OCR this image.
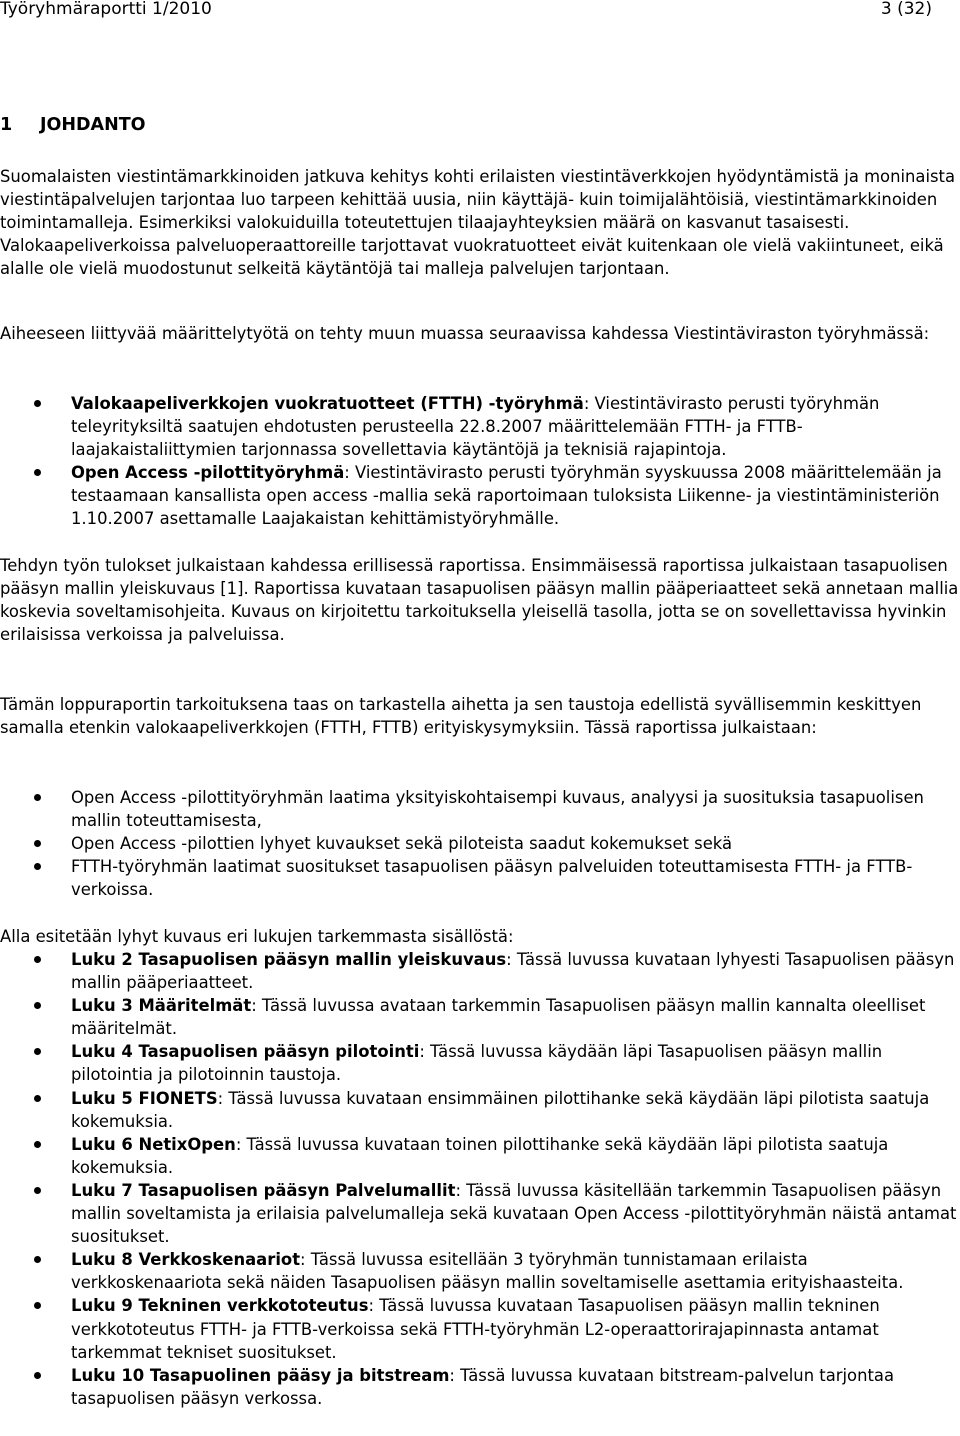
Työryhmäraportti 1/2010	3 (32)
1 JOHDANTO

Suomalaisten viestintämarkkinoiden jatkuva kehitys kohti erilaisten viestintäverkkojen hyödyntämistä ja moninaista viestintäpalvelujen tarjontaa luo tarpeen kehittää uusia, niin käyttäjä- kuin toimijalähtöisiä, viestintämarkkinoiden toimintamalleja. Esimerkiksi valokuiduilla toteutettujen tilaajayhteyksien määrä on kasvanut tasaisesti. Valokaapeliverkoissa palveluoperaattoreille tarjottavat vuokratuotteet eivät kuitenkaan ole vielä vakiintuneet, eikä alalle ole vielä muodostunut selkeitä käytäntöjä tai malleja palvelujen tarjontaan.

Aiheeseen liittyvää määrittelytyötä on tehty muun muassa seuraavissa kahdessa Viestintäviraston työryhmässä:

Valokaapeliverkkojen vuokratuotteet (FTTH) -työryhmä: Viestintävirasto perusti työryhmän teleyrityksiltä saatujen ehdotusten perusteella 22.8.2007 määrittelemään FTTH- ja FTTB-laajakaistaliittymien tarjonnassa sovellettavia käytäntöjä ja teknisiä rajapintoja.
Open Access -pilottityöryhmä: Viestintävirasto perusti työryhmän syyskuussa 2008 määrittelemään ja testaamaan kansallista open access -mallia sekä raportoimaan tuloksista Liikenne- ja viestintäministeriön 1.10.2007 asettamalle Laajakaistan kehittämistyöryhmälle.

Tehdyn työn tulokset julkaistaan kahdessa erillisessä raportissa. Ensimmäisessä raportissa julkaistaan tasapuolisen pääsyn mallin yleiskuvaus [1]. Raportissa kuvataan tasapuolisen pääsyn mallin pääperiaatteet sekä annetaan mallia koskevia soveltamisohjeita. Kuvaus on kirjoitettu tarkoituksella yleisellä tasolla, jotta se on sovellettavissa hyvinkin erilaisissa verkoissa ja palveluissa.

Tämän loppuraportin tarkoituksena taas on tarkastella aihetta ja sen taustoja edellistä syvällisemmin keskittyen samalla etenkin valokaapeliverkkojen (FTTH, FTTB) erityiskysymyksiin. Tässä raportissa julkaistaan:

Open Access -pilottityöryhmän laatima yksityiskohtaisempi kuvaus, analyysi ja suosituksia tasapuolisen mallin toteuttamisesta,
Open Access -pilottien lyhyet kuvaukset sekä piloteista saadut kokemukset sekä
FTTH-työryhmän laatimat suositukset tasapuolisen pääsyn palveluiden toteuttamisesta FTTH- ja FTTB-verkoissa.

Alla esitetään lyhyt kuvaus eri lukujen tarkemmasta sisällöstä:

Luku 2 Tasapuolisen pääsyn mallin yleiskuvaus: Tässä luvussa kuvataan lyhyesti Tasapuolisen pääsyn mallin pääperiaatteet.
Luku 3 Määritelmät: Tässä luvussa avataan tarkemmin Tasapuolisen pääsyn mallin kannalta oleelliset määritelmät.
Luku 4 Tasapuolisen pääsyn pilotointi: Tässä luvussa käydään läpi Tasapuolisen pääsyn mallin pilotointia ja pilotoinnin taustoja.
Luku 5 FIONETS: Tässä luvussa kuvataan ensimmäinen pilottihanke sekä käydään läpi pilotista saatuja kokemuksia.
Luku 6 NetixOpen: Tässä luvussa kuvataan toinen pilottihanke sekä käydään läpi pilotista saatuja kokemuksia.
Luku 7 Tasapuolisen pääsyn Palvelumallit: Tässä luvussa käsitellään tarkemmin Tasapuolisen pääsyn mallin soveltamista ja erilaisia palvelumalleja sekä kuvataan Open Access -pilottityöryhmän näistä antamat suositukset.
Luku 8 Verkkoskenaariot: Tässä luvussa esitellään 3 työryhmän tunnistamaan erilaista verkkoskenaariota sekä näiden Tasapuolisen pääsyn mallin soveltamiselle asettamia erityishaasteita.
Luku 9 Tekninen verkkototeutus: Tässä luvussa kuvataan Tasapuolisen pääsyn mallin tekninen verkkototeutus FTTH- ja FTTB-verkoissa sekä FTTH-työryhmän L2-operaattorirajapinnasta antamat tarkemmat tekniset suositukset.
Luku 10 Tasapuolinen pääsy ja bitstream: Tässä luvussa kuvataan bitstream-palvelun tarjontaa tasapuolisen pääsyn verkossa.
